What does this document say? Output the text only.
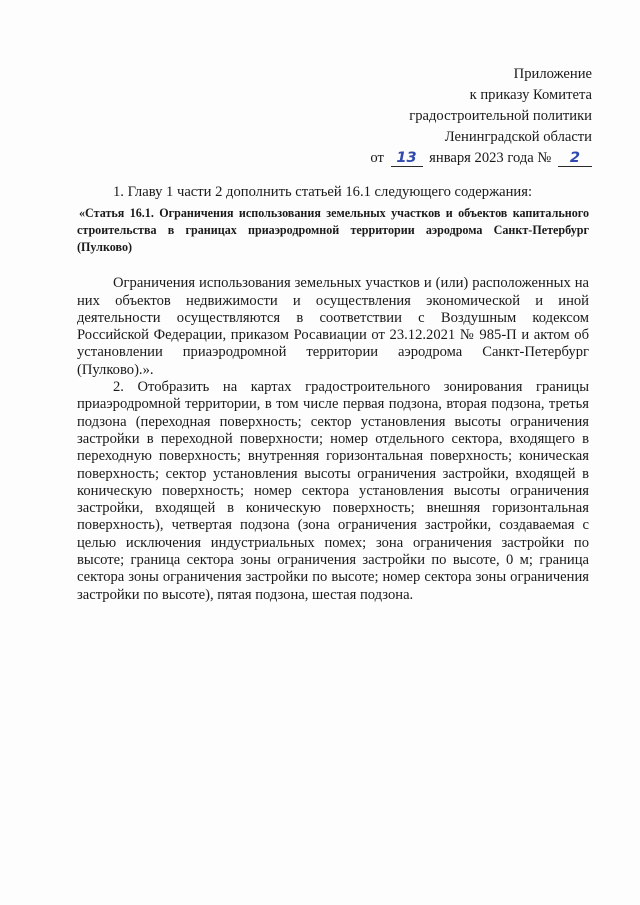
Приложение
к приказу Комитета
градостроительной политики
Ленинградской области
от 13 января 2023 года № 2

1. Главу 1 части 2 дополнить статьей 16.1 следующего содержания:

«Статья 16.1. Ограничения использования земельных участков и объектов капитального строительства в границах приаэродромной территории аэродрома Санкт-Петербург (Пулково)

Ограничения использования земельных участков и (или) расположенных на них объектов недвижимости и осуществления экономической и иной деятельности осуществляются в соответствии с Воздушным кодексом Российской Федерации, приказом Росавиации от 23.12.2021 № 985-П и актом об установлении приаэродромной территории аэродрома Санкт-Петербург (Пулково).».

2. Отобразить на картах градостроительного зонирования границы приаэродромной территории, в том числе первая подзона, вторая подзона, третья подзона (переходная поверхность; сектор установления высоты ограничения застройки в переходной поверхности; номер отдельного сектора, входящего в переходную поверхность; внутренняя горизонтальная поверхность; коническая поверхность; сектор установления высоты ограничения застройки, входящей в коническую поверхность; номер сектора установления высоты ограничения застройки, входящей в коническую поверхность; внешняя горизонтальная поверхность), четвертая подзона (зона ограничения застройки, создаваемая с целью исключения индустриальных помех; зона ограничения застройки по высоте; граница сектора зоны ограничения застройки по высоте, 0 м; граница сектора зоны ограничения застройки по высоте; номер сектора зоны ограничения застройки по высоте), пятая подзона, шестая подзона.
